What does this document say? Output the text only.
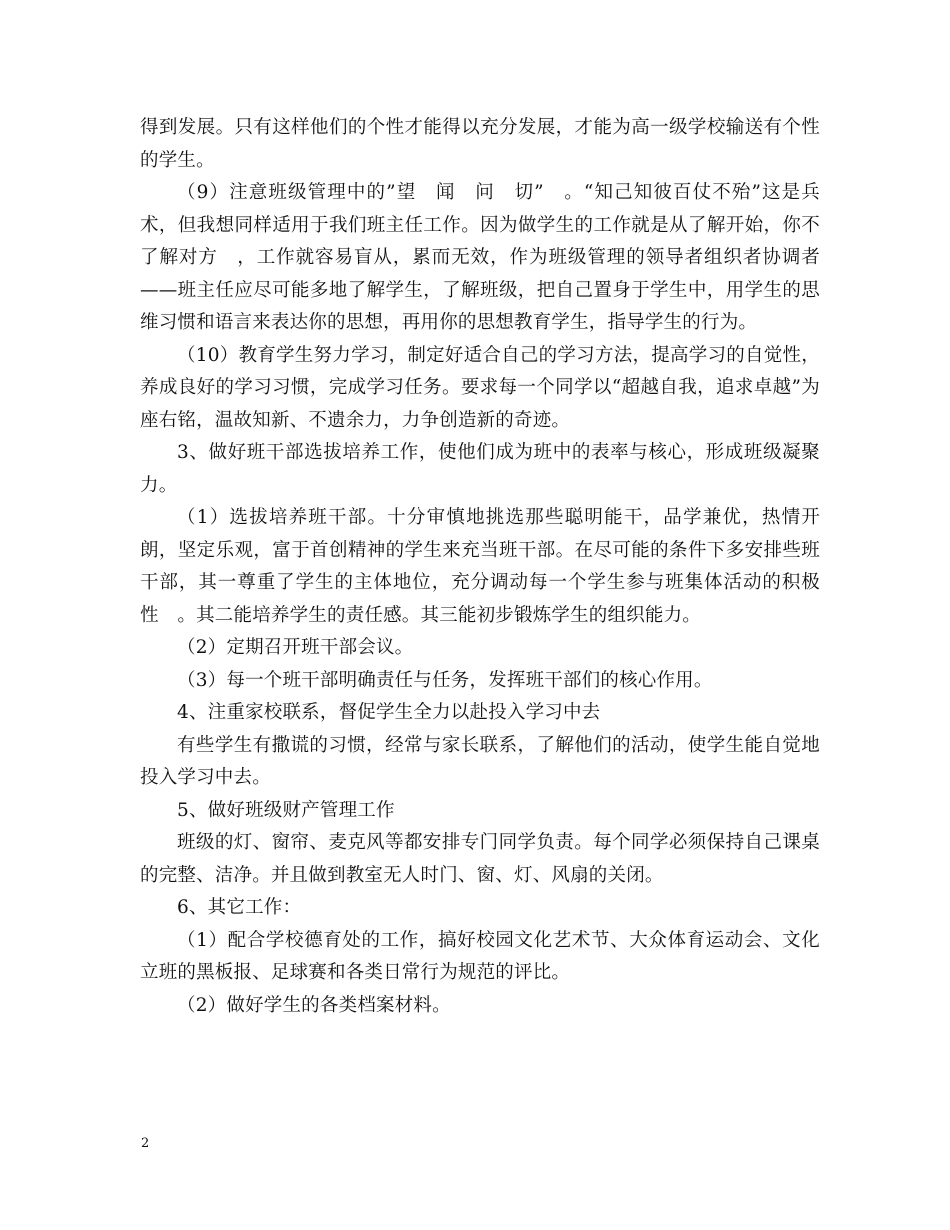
得到发展。只有这样他们的个性才能得以充分发展，才能为高一级学校输送有个性的学生。

（9）注意班级管理中的”望　闻　问　切”　。“知己知彼百仗不殆”这是兵术，但我想同样适用于我们班主任工作。因为做学生的工作就是从了解开始，你不了解对方　，工作就容易盲从，累而无效，作为班级管理的领导者组织者协调者——班主任应尽可能多地了解学生，了解班级，把自己置身于学生中，用学生的思维习惯和语言来表达你的思想，再用你的思想教育学生，指导学生的行为。

（10）教育学生努力学习，制定好适合自己的学习方法，提高学习的自觉性，养成良好的学习习惯，完成学习任务。要求每一个同学以“超越自我，追求卓越”为座右铭，温故知新、不遗余力，力争创造新的奇迹。

3、做好班干部选拔培养工作，使他们成为班中的表率与核心，形成班级凝聚力。

（1）选拔培养班干部。十分审慎地挑选那些聪明能干，品学兼优，热情开朗，坚定乐观，富于首创精神的学生来充当班干部。在尽可能的条件下多安排些班干部，其一尊重了学生的主体地位，充分调动每一个学生参与班集体活动的积极性　。其二能培养学生的责任感。其三能初步锻炼学生的组织能力。

（2）定期召开班干部会议。

（3）每一个班干部明确责任与任务，发挥班干部们的核心作用。

4、注重家校联系，督促学生全力以赴投入学习中去

有些学生有撒谎的习惯，经常与家长联系，了解他们的活动，使学生能自觉地投入学习中去。

5、做好班级财产管理工作

班级的灯、窗帘、麦克风等都安排专门同学负责。每个同学必须保持自己课桌的完整、洁净。并且做到教室无人时门、窗、灯、风扇的关闭。

6、其它工作：

（1）配合学校德育处的工作，搞好校园文化艺术节、大众体育运动会、文化立班的黑板报、足球赛和各类日常行为规范的评比。

（2）做好学生的各类档案材料。

2
